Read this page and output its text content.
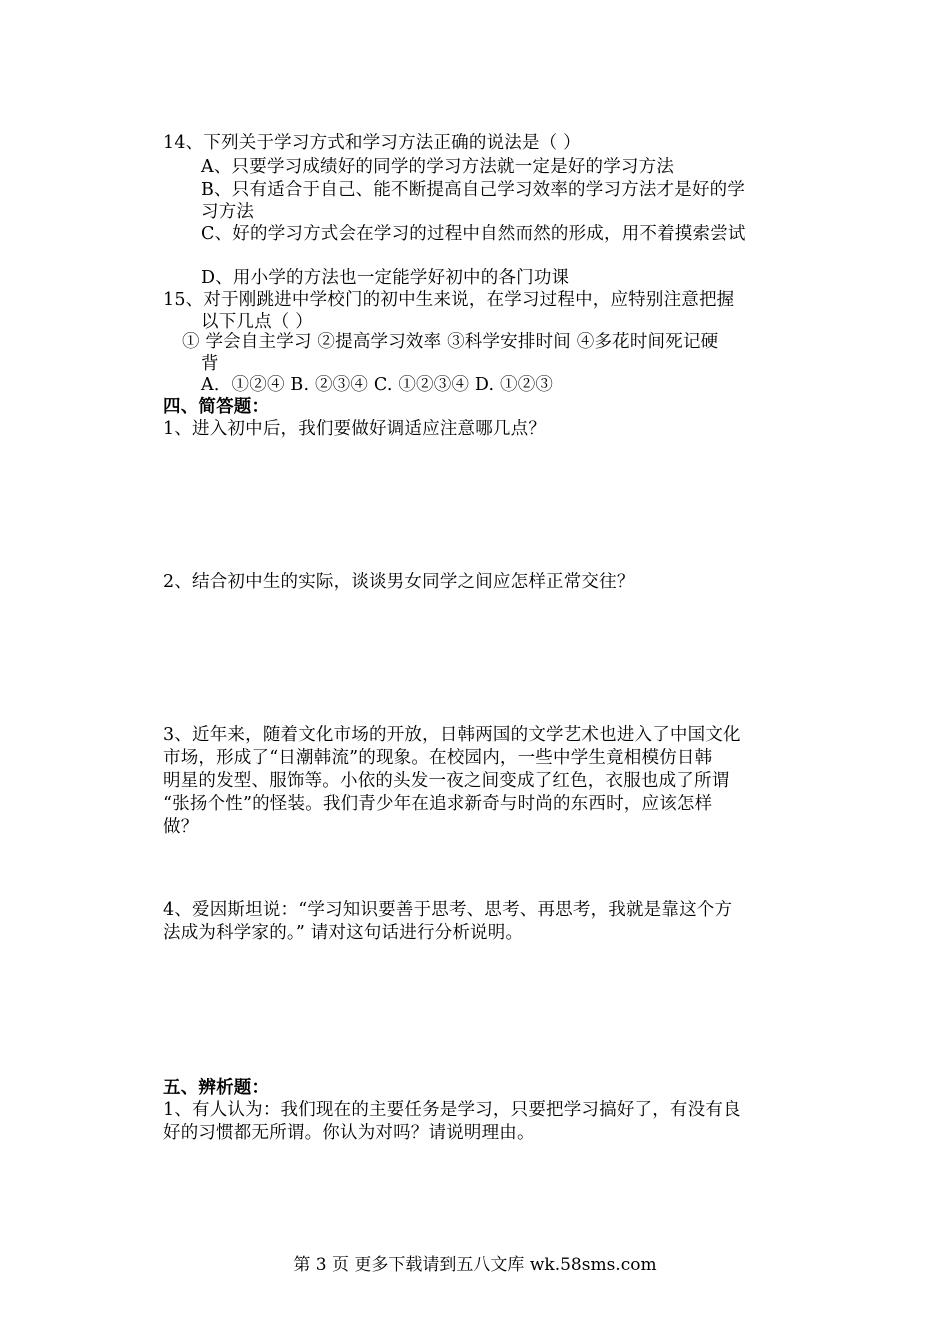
14、下列关于学习方式和学习方法正确的说法是（ ）
A、只要学习成绩好的同学的学习方法就一定是好的学习方法
B、只有适合于自己、能不断提高自己学习效率的学习方法才是好的学
习方法
C、好的学习方式会在学习的过程中自然而然的形成，用不着摸索尝试
D、用小学的方法也一定能学好初中的各门功课
15、对于刚跳进中学校门的初中生来说，在学习过程中，应特别注意把握
以下几点（ ）
① 学会自主学习 ②提高学习效率 ③科学安排时间 ④多花时间死记硬
背
A．①②④ B. ②③④ C. ①②③④ D. ①②③
四、简答题：
1、进入初中后，我们要做好调适应注意哪几点？
2、结合初中生的实际，谈谈男女同学之间应怎样正常交往？
3、近年来，随着文化市场的开放，日韩两国的文学艺术也进入了中国文化
市场，形成了“日潮韩流”的现象。在校园内，一些中学生竟相模仿日韩
明星的发型、服饰等。小依的头发一夜之间变成了红色，衣服也成了所谓
“张扬个性”的怪装。我们青少年在追求新奇与时尚的东西时，应该怎样
做？
4、爱因斯坦说：“学习知识要善于思考、思考、再思考，我就是靠这个方
法成为科学家的。” 请对这句话进行分析说明。
五、辨析题：
1、有人认为：我们现在的主要任务是学习，只要把学习搞好了，有没有良
好的习惯都无所谓。你认为对吗？请说明理由。
第 3 页 更多下载请到五八文库 wk.58sms.com
